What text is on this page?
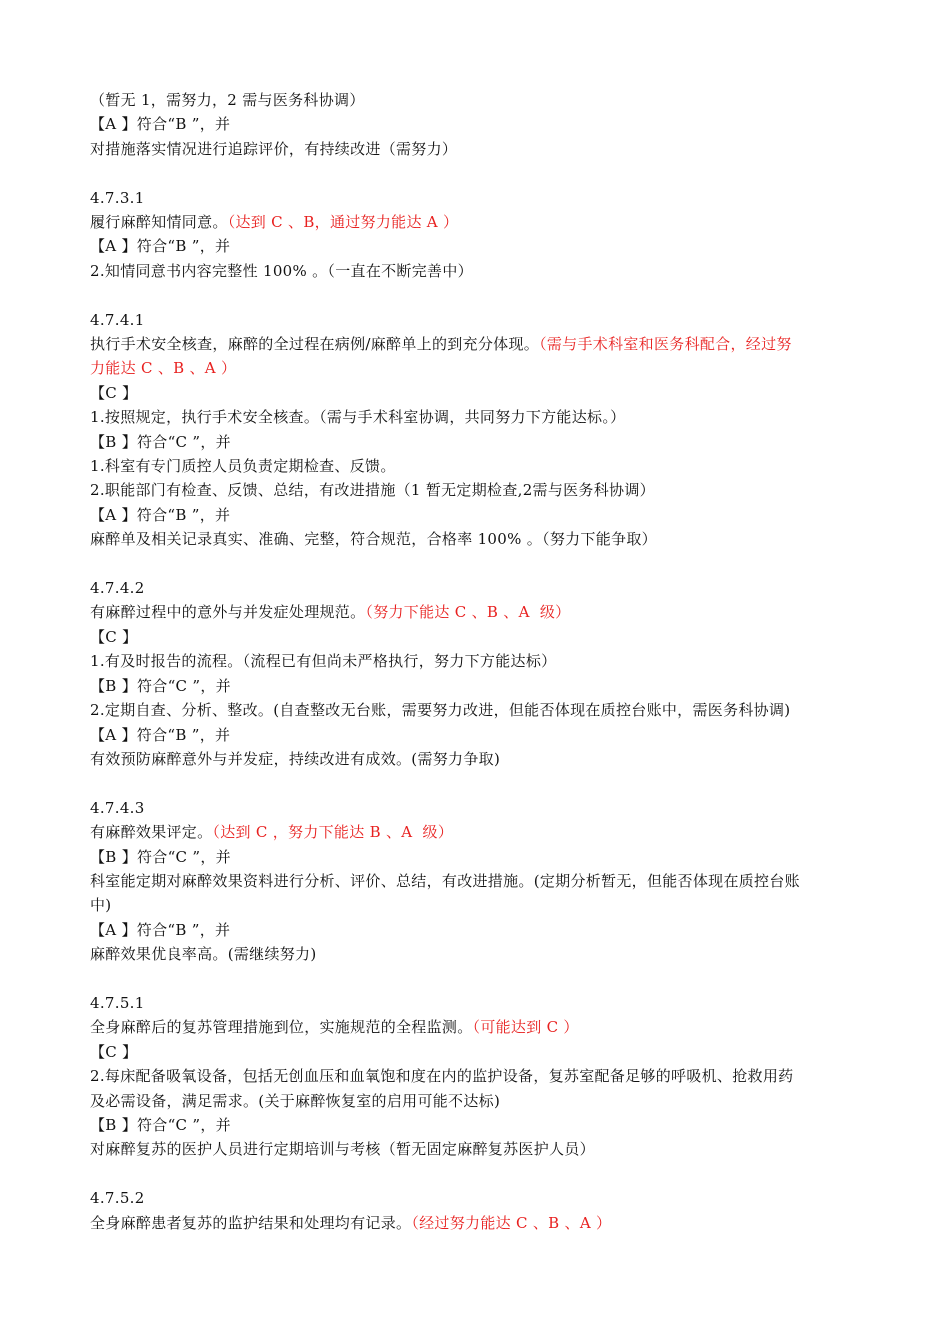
（暂无 1，需努力，2 需与医务科协调）
【A 】符合“B ”，并
对措施落实情况进行追踪评价，有持续改进（需努力）
4.7.3.1
履行麻醉知情同意。（达到 C 、B，通过努力能达 A ）
【A 】符合“B ”，并
2.知情同意书内容完整性 100% 。（一直在不断完善中）
4.7.4.1
执行手术安全核查，麻醉的全过程在病例/麻醉单上的到充分体现。（需与手术科室和医务科配合，经过努
力能达 C 、B 、A ）
【C 】
1.按照规定，执行手术安全核查。（需与手术科室协调，共同努力下方能达标。）
【B 】符合“C ”，并
1.科室有专门质控人员负责定期检查、反馈。
2.职能部门有检查、反馈、总结，有改进措施（1 暂无定期检查,2需与医务科协调）
【A 】符合“B ”，并
麻醉单及相关记录真实、准确、完整，符合规范，合格率 100% 。（努力下能争取）
4.7.4.2
有麻醉过程中的意外与并发症处理规范。（努力下能达 C 、B 、A  级）
【C 】
1.有及时报告的流程。（流程已有但尚未严格执行，努力下方能达标）
【B 】符合“C ”，并
2.定期自查、分析、整改。(自查整改无台账，需要努力改进，但能否体现在质控台账中，需医务科协调)
【A 】符合“B ”，并
有效预防麻醉意外与并发症，持续改进有成效。(需努力争取)
4.7.4.3
有麻醉效果评定。（达到 C ，努力下能达 B 、A  级）
【B 】符合“C ”，并
科室能定期对麻醉效果资料进行分析、评价、总结，有改进措施。(定期分析暂无，但能否体现在质控台账
中)
【A 】符合“B ”，并
麻醉效果优良率高。(需继续努力)
4.7.5.1
全身麻醉后的复苏管理措施到位，实施规范的全程监测。（可能达到 C ）
【C 】
2.每床配备吸氧设备，包括无创血压和血氧饱和度在内的监护设备，复苏室配备足够的呼吸机、抢救用药
及必需设备，满足需求。(关于麻醉恢复室的启用可能不达标)
【B 】符合“C ”，并
对麻醉复苏的医护人员进行定期培训与考核（暂无固定麻醉复苏医护人员）
4.7.5.2
全身麻醉患者复苏的监护结果和处理均有记录。（经过努力能达 C 、B 、A ）
